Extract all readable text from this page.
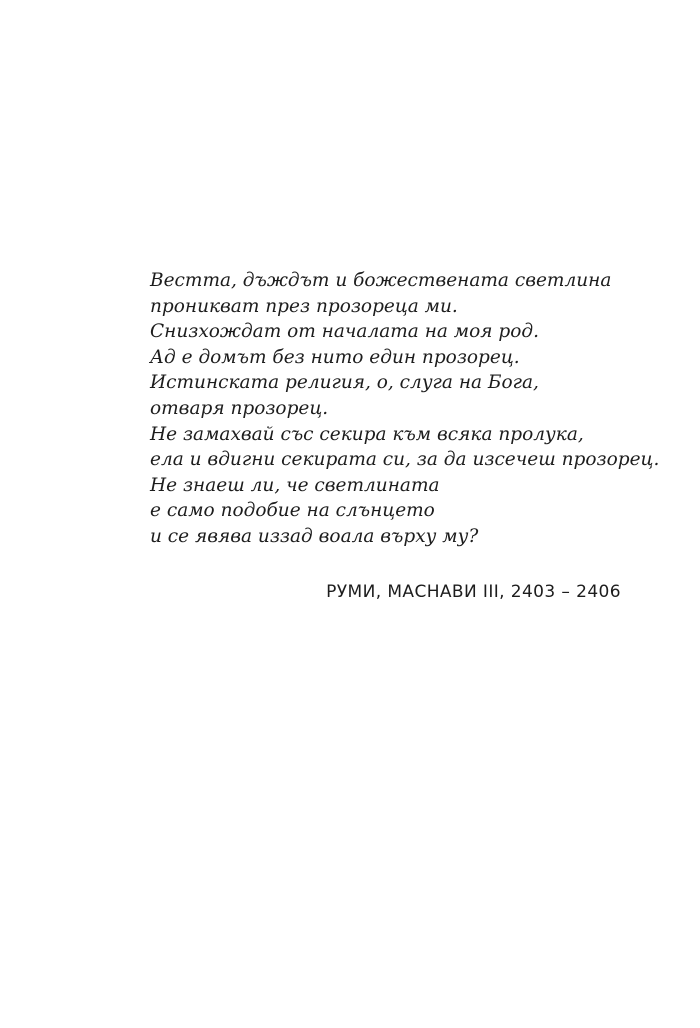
Вестта, дъждът и божествената светлина
проникват през прозореца ми.
Снизхождат от началата на моя род.
Ад е домът без нито един прозорец.
Истинската религия, о, слуга на Бога,
отваря прозорец.
Не замахвай със секира към всяка пролука,
ела и вдигни секирата си, за да изсечеш прозорец.
Не знаеш ли, че светлината
е само подобие на слънцето
и се явява иззад воала върху му?

РУМИ, МАСНАВИ III, 2403 – 2406
